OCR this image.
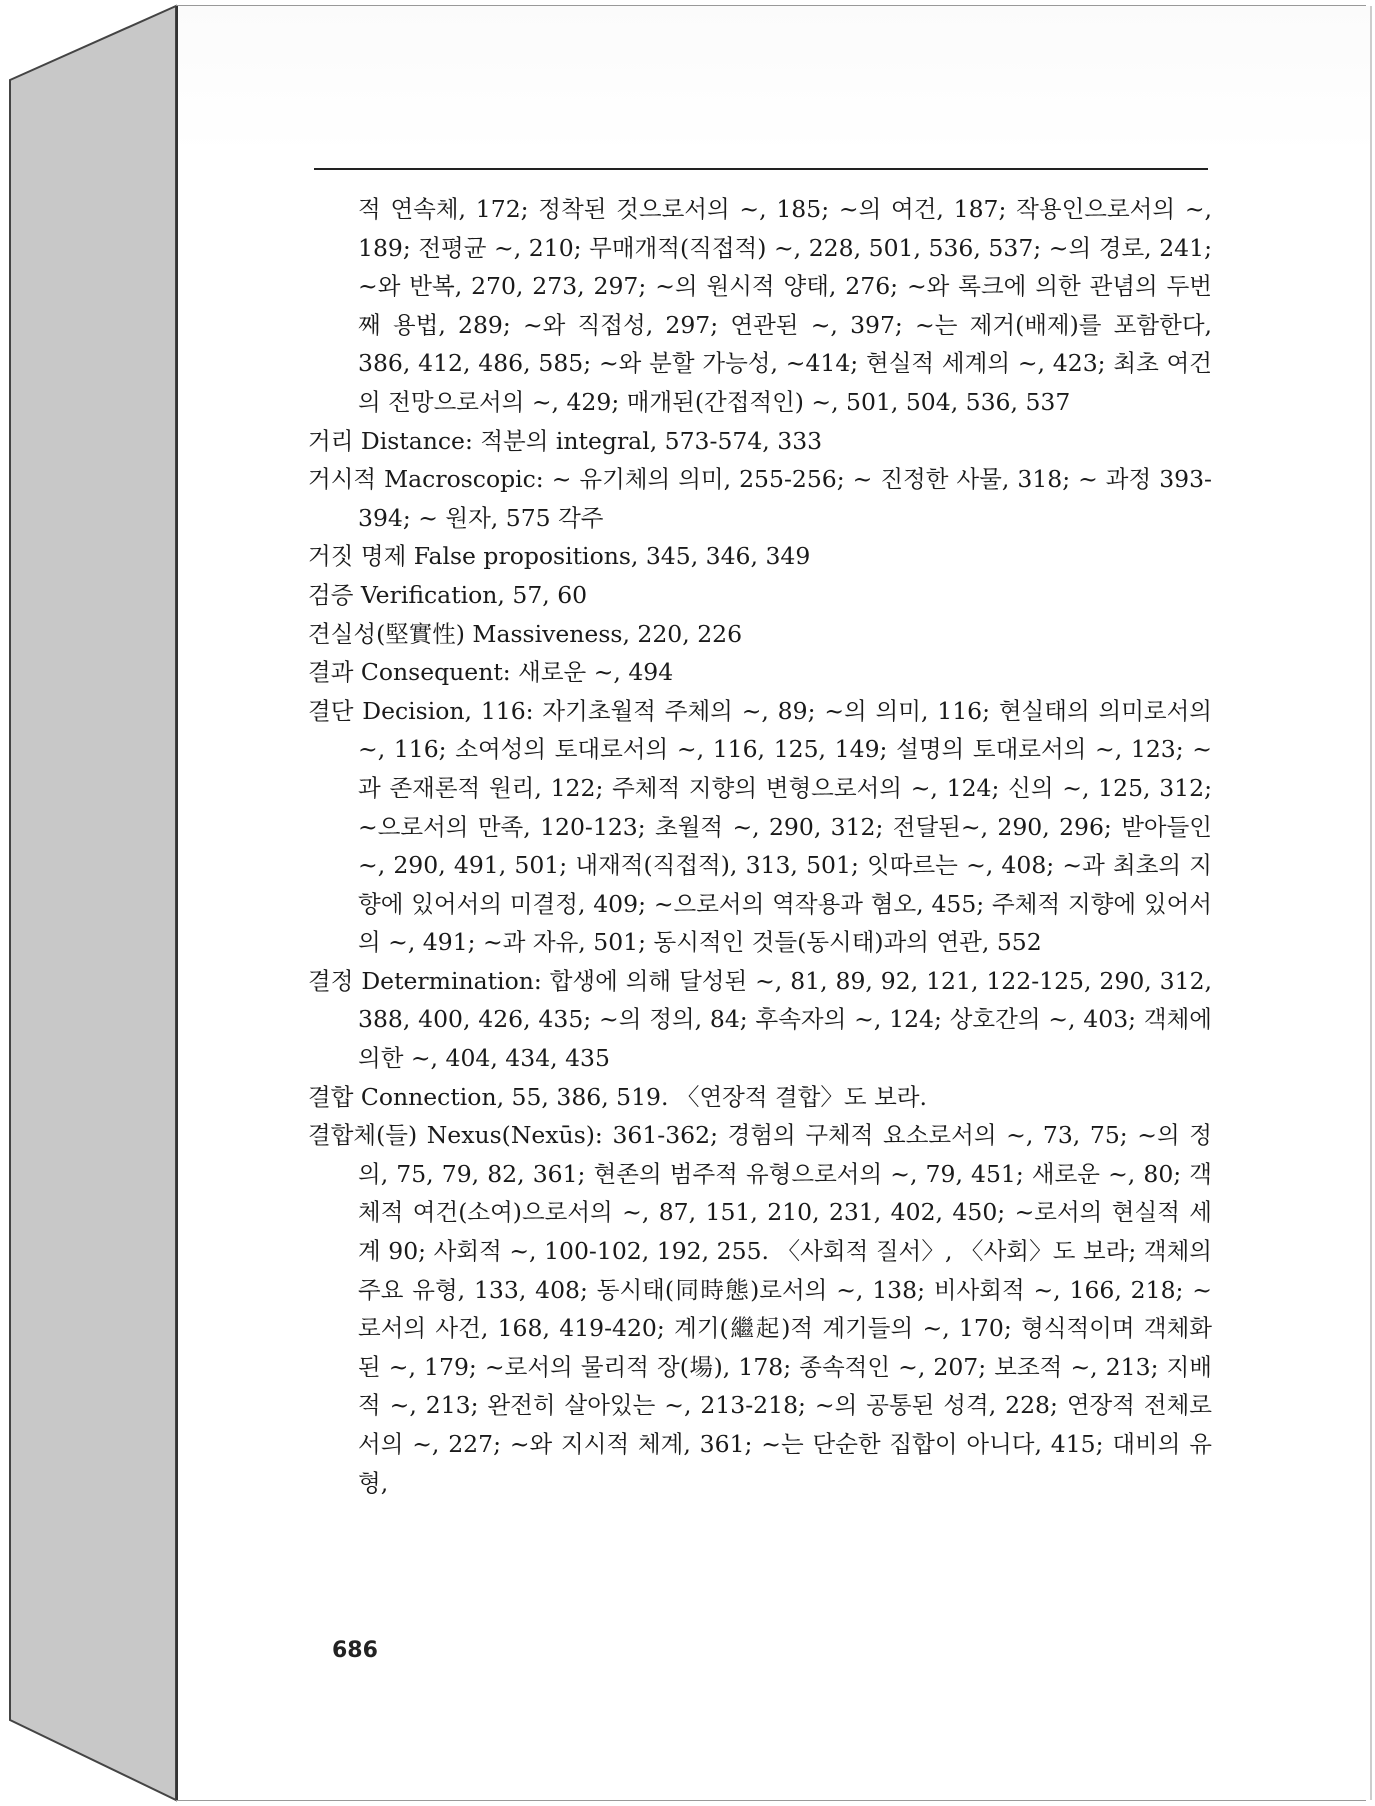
적 연속체, 172; 정착된 것으로서의 ~, 185; ~의 여건, 187; 작용인으로서의 ~, 189; 전평균 ~, 210; 무매개적(직접적) ~, 228, 501, 536, 537; ~의 경로, 241; ~와 반복, 270, 273, 297; ~의 원시적 양태, 276; ~와 록크에 의한 관념의 두번째 용법, 289; ~와 직접성, 297; 연관된 ~, 397; ~는 제거(배제)를 포함한다, 386, 412, 486, 585; ~와 분할 가능성, ~414; 현실적 세계의 ~, 423; 최초 여건의 전망으로서의 ~, 429; 매개된(간접적인) ~, 501, 504, 536, 537
거리 Distance: 적분의 integral, 573-574, 333
거시적 Macroscopic: ~ 유기체의 의미, 255-256; ~ 진정한 사물, 318; ~ 과정 393-394; ~ 원자, 575 각주
거짓 명제 False propositions, 345, 346, 349
검증 Verification, 57, 60
견실성(堅實性) Massiveness, 220, 226
결과 Consequent: 새로운 ~, 494
결단 Decision, 116: 자기초월적 주체의 ~, 89; ~의 의미, 116; 현실태의 의미로서의 ~, 116; 소여성의 토대로서의 ~, 116, 125, 149; 설명의 토대로서의 ~, 123; ~과 존재론적 원리, 122; 주체적 지향의 변형으로서의 ~, 124; 신의 ~, 125, 312; ~으로서의 만족, 120-123; 초월적 ~, 290, 312; 전달된~, 290, 296; 받아들인 ~, 290, 491, 501; 내재적(직접적), 313, 501; 잇따르는 ~, 408; ~과 최초의 지향에 있어서의 미결정, 409; ~으로서의 역작용과 혐오, 455; 주체적 지향에 있어서의 ~, 491; ~과 자유, 501; 동시적인 것들(동시태)과의 연관, 552
결정 Determination: 합생에 의해 달성된 ~, 81, 89, 92, 121, 122-125, 290, 312, 388, 400, 426, 435; ~의 정의, 84; 후속자의 ~, 124; 상호간의 ~, 403; 객체에 의한 ~, 404, 434, 435
결합 Connection, 55, 386, 519. 〈연장적 결합〉도 보라.
결합체(들) Nexus(Nexūs): 361-362; 경험의 구체적 요소로서의 ~, 73, 75; ~의 정의, 75, 79, 82, 361; 현존의 범주적 유형으로서의 ~, 79, 451; 새로운 ~, 80; 객체적 여건(소여)으로서의 ~, 87, 151, 210, 231, 402, 450; ~로서의 현실적 세계 90; 사회적 ~, 100-102, 192, 255. 〈사회적 질서〉, 〈사회〉도 보라; 객체의 주요 유형, 133, 408; 동시태(同時態)로서의 ~, 138; 비사회적 ~, 166, 218; ~로서의 사건, 168, 419-420; 계기(繼起)적 계기들의 ~, 170; 형식적이며 객체화된 ~, 179; ~로서의 물리적 장(場), 178; 종속적인 ~, 207; 보조적 ~, 213; 지배적 ~, 213; 완전히 살아있는 ~, 213-218; ~의 공통된 성격, 228; 연장적 전체로서의 ~, 227; ~와 지시적 체계, 361; ~는 단순한 집합이 아니다, 415; 대비의 유형,
686
